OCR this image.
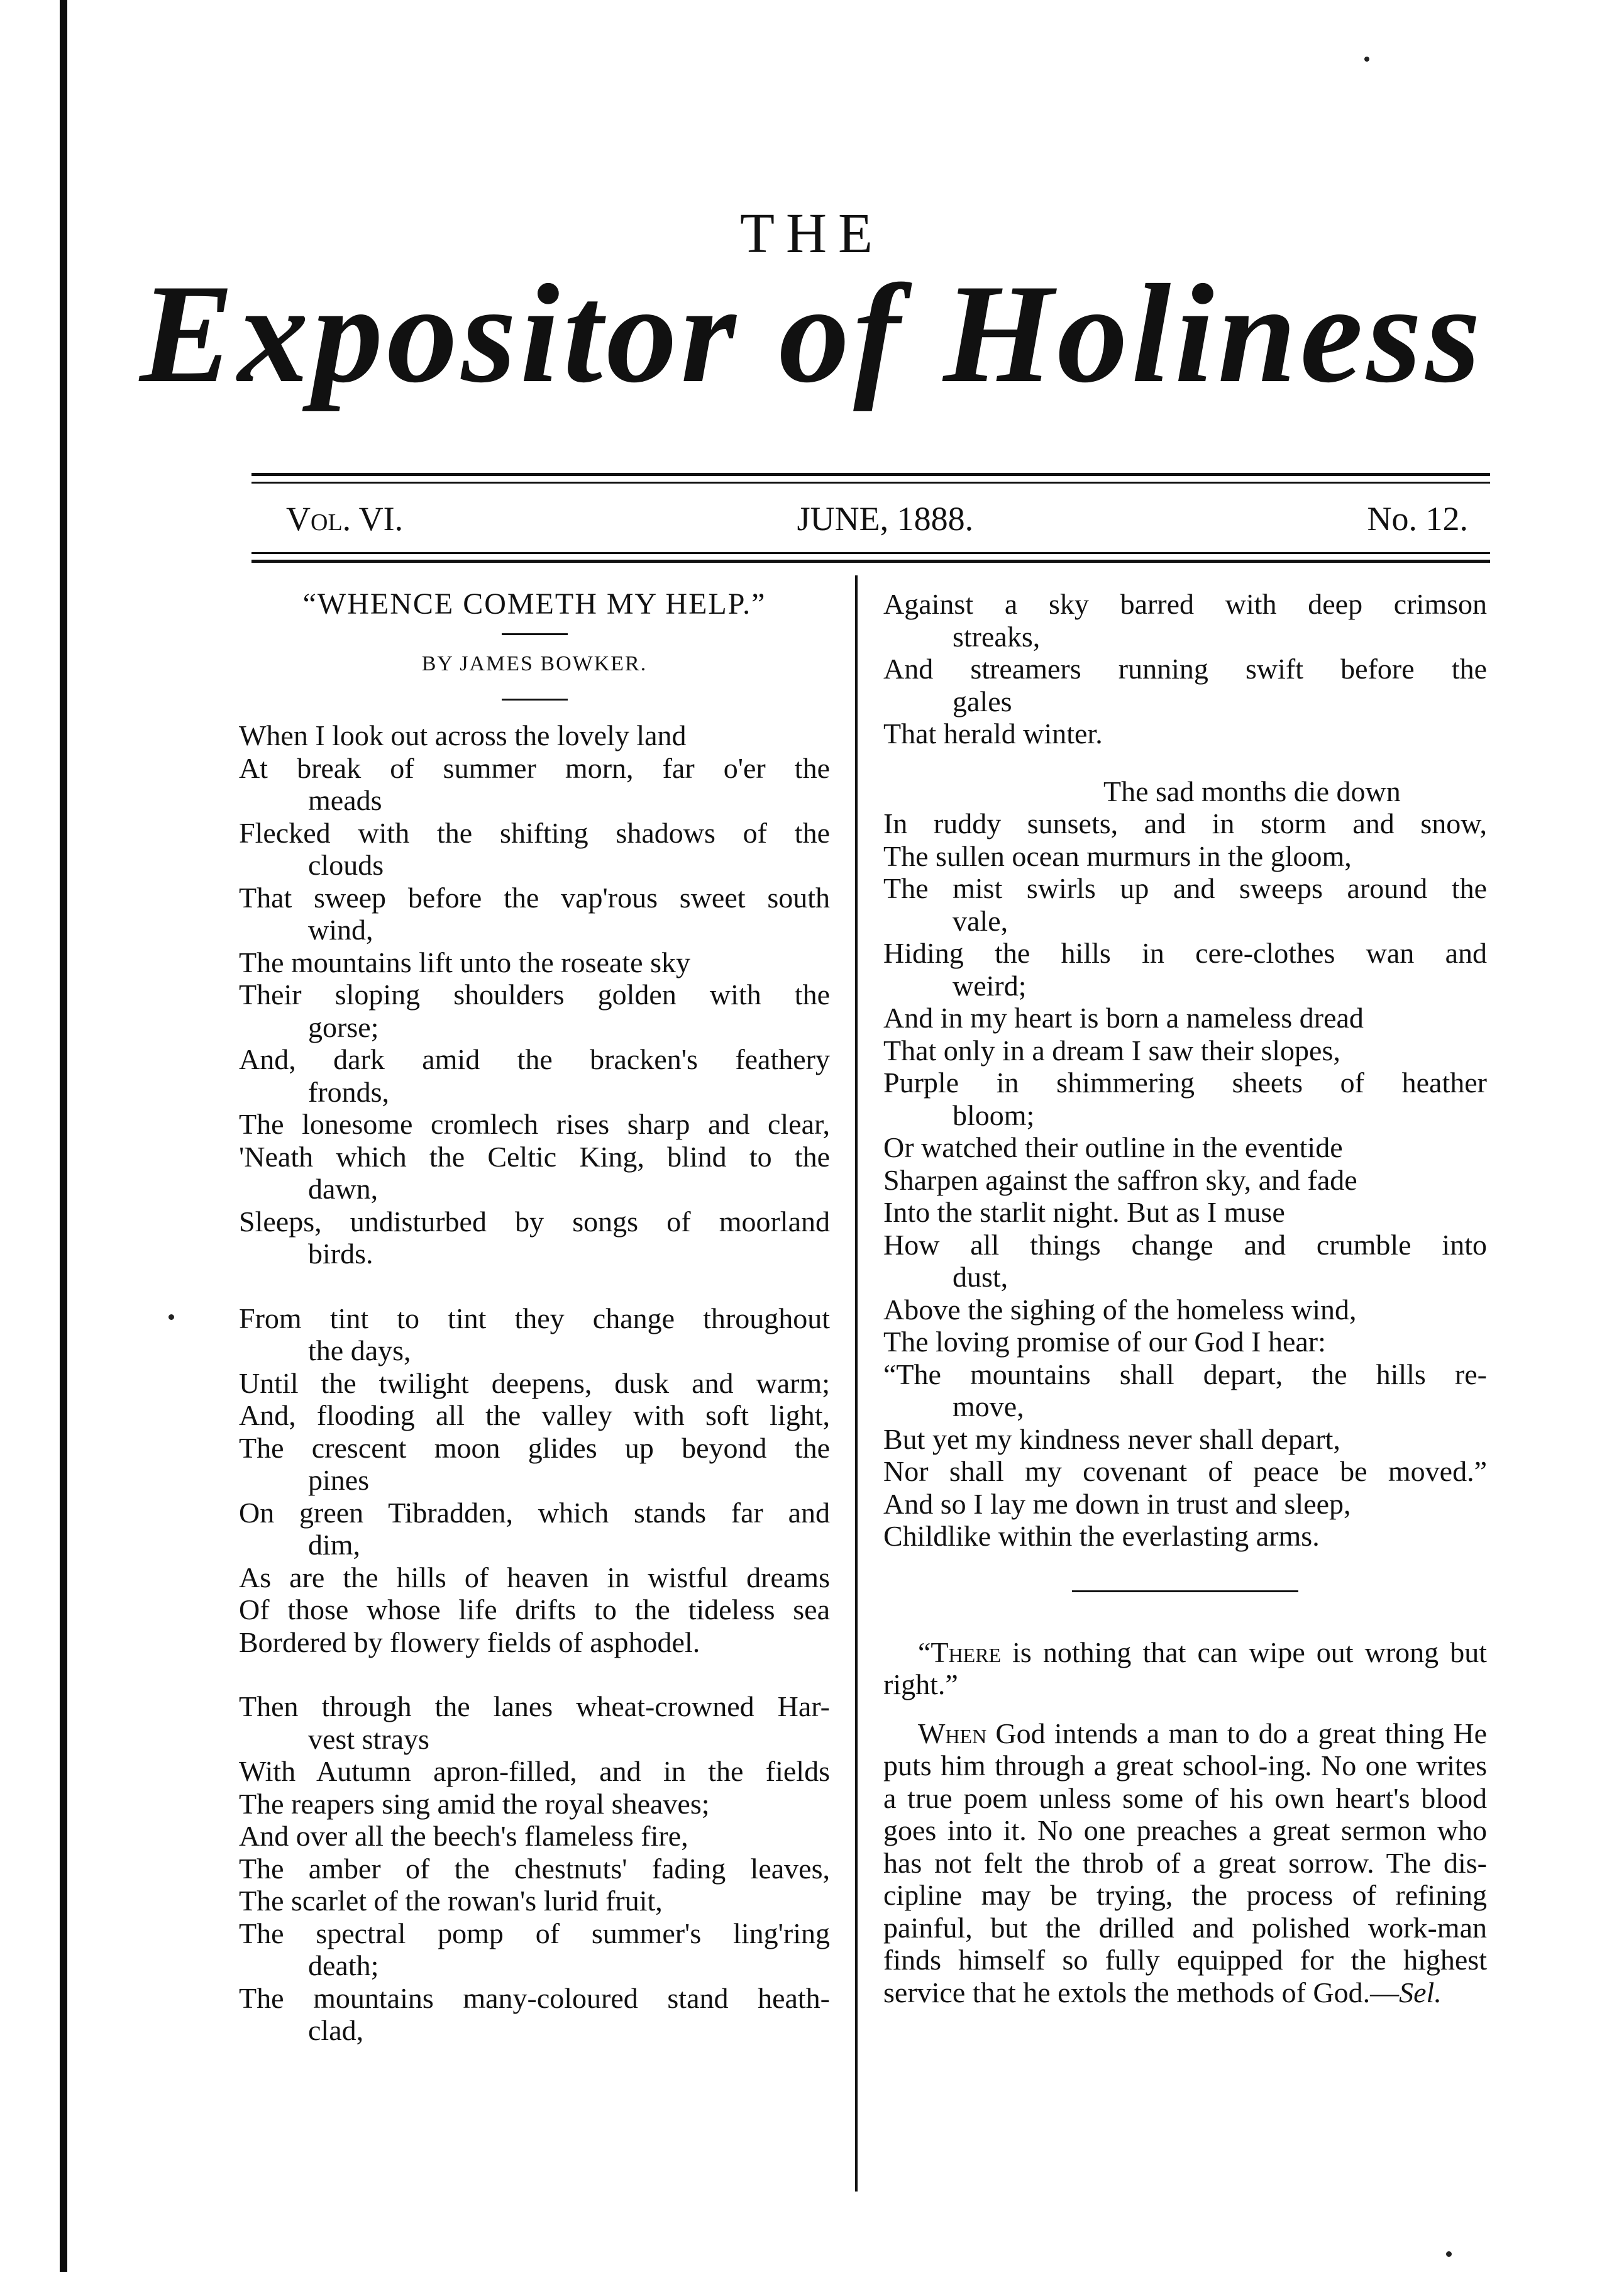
THE
Expositor of Holiness
Vol. VI.	JUNE, 1888.	No. 12.
“WHENCE COMETH MY HELP.”
BY JAMES BOWKER.
When I look out across the lovely land
At break of summer morn, far o'er the
meads
Flecked with the shifting shadows of the
clouds
That sweep before the vap'rous sweet south
wind,
The mountains lift unto the roseate sky
Their sloping shoulders golden with the
gorse;
And, dark amid the bracken's feathery
fronds,
The lonesome cromlech rises sharp and clear,
'Neath which the Celtic King, blind to the
dawn,
Sleeps, undisturbed by songs of moorland
birds.
From tint to tint they change throughout
the days,
Until the twilight deepens, dusk and warm;
And, flooding all the valley with soft light,
The crescent moon glides up beyond the
pines
On green Tibradden, which stands far and
dim,
As are the hills of heaven in wistful dreams
Of those whose life drifts to the tideless sea
Bordered by flowery fields of asphodel.
Then through the lanes wheat-crowned Har-
vest strays
With Autumn apron-filled, and in the fields
The reapers sing amid the royal sheaves;
And over all the beech's flameless fire,
The amber of the chestnuts' fading leaves,
The scarlet of the rowan's lurid fruit,
The spectral pomp of summer's ling'ring
death;
The mountains many-coloured stand heath-
clad,
Against a sky barred with deep crimson
streaks,
And streamers running swift before the
gales
That herald winter.
The sad months die down
In ruddy sunsets, and in storm and snow,
The sullen ocean murmurs in the gloom,
The mist swirls up and sweeps around the
vale,
Hiding the hills in cere-clothes wan and
weird;
And in my heart is born a nameless dread
That only in a dream I saw their slopes,
Purple in shimmering sheets of heather
bloom;
Or watched their outline in the eventide
Sharpen against the saffron sky, and fade
Into the starlit night. But as I muse
How all things change and crumble into
dust,
Above the sighing of the homeless wind,
The loving promise of our God I hear:
“The mountains shall depart, the hills re-
move,
But yet my kindness never shall depart,
Nor shall my covenant of peace be moved.”
And so I lay me down in trust and sleep,
Childlike within the everlasting arms.

“There is nothing that can wipe out wrong but right.”

When God intends a man to do a great thing He puts him through a great school-ing. No one writes a true poem unless some of his own heart's blood goes into it. No one preaches a great sermon who has not felt the throb of a great sorrow. The dis-cipline may be trying, the process of refining painful, but the drilled and polished work-man finds himself so fully equipped for the highest service that he extols the methods of God.—Sel.
